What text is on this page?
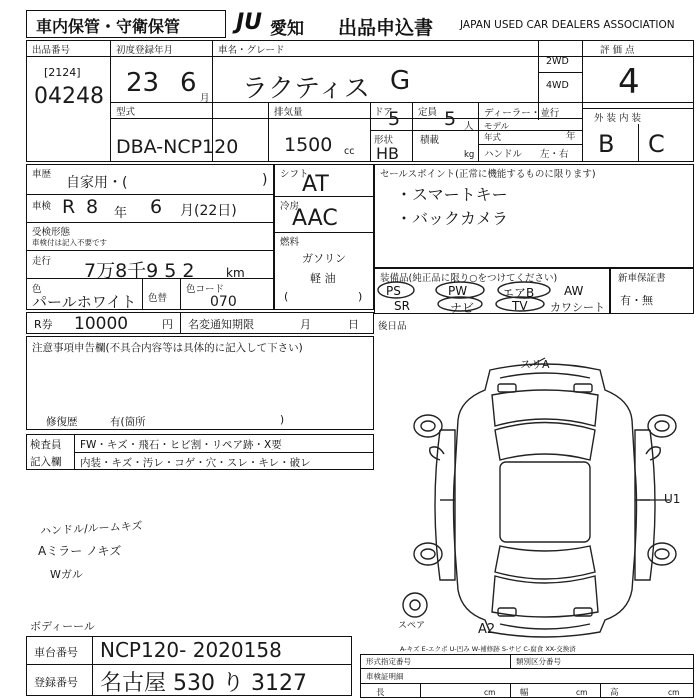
車内保管・守衛保管	JU 愛知 出品申込書	JAPAN USED CAR DEALERS ASSOCIATION
出品番号
[2124]
04248
初度登録年月
23 6
月
車名・グレード
ラクティス G
2WD
4WD
評 価 点
4
外 装 内 装
B C
型式
DBA-NCP120
排気量
1500 cc
ドア
5 定員 5 人
形状
HB
積載
kg
ディーラー・並行
モデル
年式	年
ハンドル 左・右
車歴
自家用・(	)
車検 R 8 年 6 月(22日)
受検形態
車検付は記入不要です
走行 7万8千9 5 2	km
色
パールホワイト 色替
色コード
070
シフト
AT
冷房
AAC
燃料
ガソリン
軽 油
(	)
セールスポイント(正常に機能するものに限ります)
・スマートキー
・バックカメラ
装備品(純正品に限り○をつけてください)
PS	PW	エアB AW
SR	ナビ	TV カワシート
新車保証書
有・無
R券 10000	円 名変通知期限	月	日 後日品
注意事項申告欄(不具合内容等は具体的に記入して下さい)
修復歴	有(箇所	)
検査員
記入欄
FW・キズ・飛石・ヒビ割・リペア跡・X要
内装・キズ・汚レ・コゲ・穴・スレ・キレ・破レ
ハンドル/ルームキズ
Aミラー ノキズ
Wガル
ボディーール
スリA
U1
A2
スペア
A-キズ E-エクボ U-凹み W-補修跡 S-サビ C-腐食 XX-交換済
車台番号 NCP120- 2020158
登録番号 名古屋 530 り 3127
形式指定番号	類別区分番号
車検証明細
長	cm	幅	cm	高	cm
